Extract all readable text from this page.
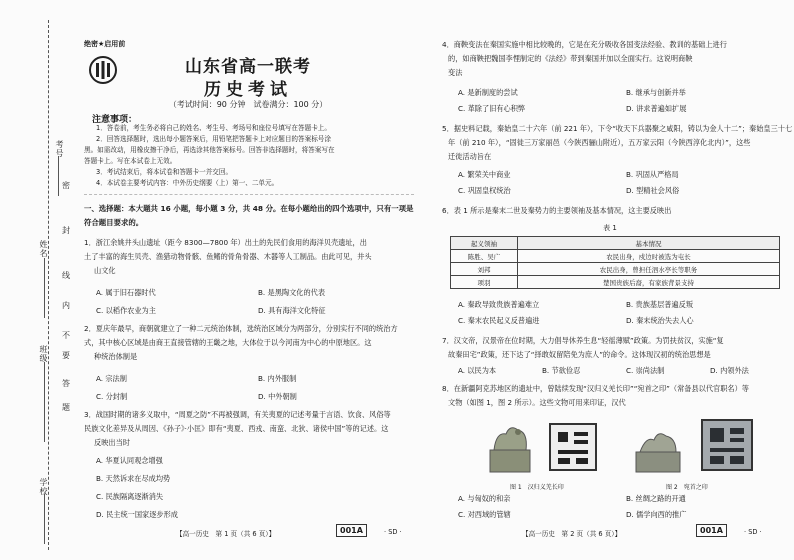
考号
姓名
班级
学校
密
封
线
内
不
要
答
题
绝密★启用前
山东省高一联考
历史考试
（考试时间：90 分钟　试卷满分：100 分）
注意事项：
1．答卷前，考生务必将自己的姓名、考生号、考场号和座位号填写在答题卡上。
2．回答选择题时，选出每小题答案后，用铅笔把答题卡上对应题目的答案标号涂
黑。如需改动，用橡皮擦干净后，再选涂其他答案标号。回答非选择题时，将答案写在
答题卡上。写在本试卷上无效。
3．考试结束后，将本试卷和答题卡一并交回。
4．本试卷主要考试内容：中外历史纲要（上）第一、二单元。
一、选择题：本大题共 16 小题，每小题 3 分，共 48 分。在每小题给出的四个选项中，只有一项是
符合题目要求的。
1．浙江余姚井头山遗址（距今 8300—7800 年）出土的先民们食用的海洋贝壳遗址，出
土了丰富的海生贝壳、渔猎动物骨骸、鱼鳍的骨角骨器、木器等人工制品。由此可见，井头
山文化
A. 属于旧石器时代	B. 是黑陶文化的代表
C. 以稻作农业为主	D. 具有海洋文化特征
2．夏庆年最早，商朝就建立了一种二元统治体制，选统治区域分为两部分，分别实行不同的统治方
式，其中核心区域是由商王直接管辖的王畿之地，大体位于以今河南为中心的中原地区。这
种统治体制是
A. 宗法制	B. 内外服制
C. 分封制	D. 中外朝制
3．战国时期的诸多义取中，“周夏之防”不再被强调，有关夷夏的记述考量于言语、饮食、风俗等
民族文化差异及从周因、《孙子》·小匡》即有“夷夏、西戎、南蛮、北狄、诸侯中国”等的记述。这
反映出当时
A. 华夏认同观念增强
B. 天然诉求在尽成均势
C. 民族隔离逐渐消失
D. 民主统一国家逐步形成
【高一历史　第 1 页（共 6 页）】	001A	· SD ·
4．商鞅变法在秦国实施中相比较晚的，它是在充分吸收各国变法经验、教训的基础上进行
的，如商鞅把魏国李悝制定的《法经》带到秦国并加以全面实行。这说明商鞅
变法
A. 是新制度的尝试	B. 继承与创新并举
C. 革除了旧有心积弊	D. 讲求普遍如扩展
5．据史料记载，秦始皇二十六年（前 221 年），下令“收天下兵器聚之咸阳，铸以为金人十二”；秦始皇三十七
年（前 210 年），“固徙三万家丽邑（今陕西骊山附近），五万家云阳（今陕西淳化北内）”，这些
迁徙活动旨在
A. 繁荣关中商业	B. 巩固从严格局
C. 巩固皇权统治	D. 型精社会风俗
6．表 1 所示是秦末二世及秦势力的主要领袖及基本情况，这主要反映出
表 1
起义领袖	基本情况
陈胜、吴广	农民出身，戍边时被选为屯长
刘邦	农民出身，曾担任泗水亭长等职务
项羽	楚国贵族后裔，有家族背景支持
A. 秦政导致贵族普遍难立	B. 贵族基层普遍反叛
C. 秦末农民起义反普遍进	D. 秦末统治失去人心
7．汉文帝，汉景帝在位时期，大力倡导休养生息“轻徭薄赋”政策。为罚扶贫汉，实施“复
故秦田宅”政策，还下达了“择敢奴留陪免为庶人”的命令。这体现汉初的统治思想是
A. 以民为本	B. 节欲俭忍	C. 崇尚法制	D. 内领外法
8．在新疆阿克苏地区的遗址中，曾陆续发现“汉归义羌长印”“宛首之印”（常备县以代官职名）等
文物（如图 1，图 2 所示）。这些文物可用来印证，汉代
图 1　汉归义羌长印	图 2　宛首之印
A. 与匈奴的和亲	B. 丝绸之路的开通
C. 对西域的管辖	D. 儒学向西的推广
【高一历史　第 2 页（共 6 页）】	001A	· SD ·
